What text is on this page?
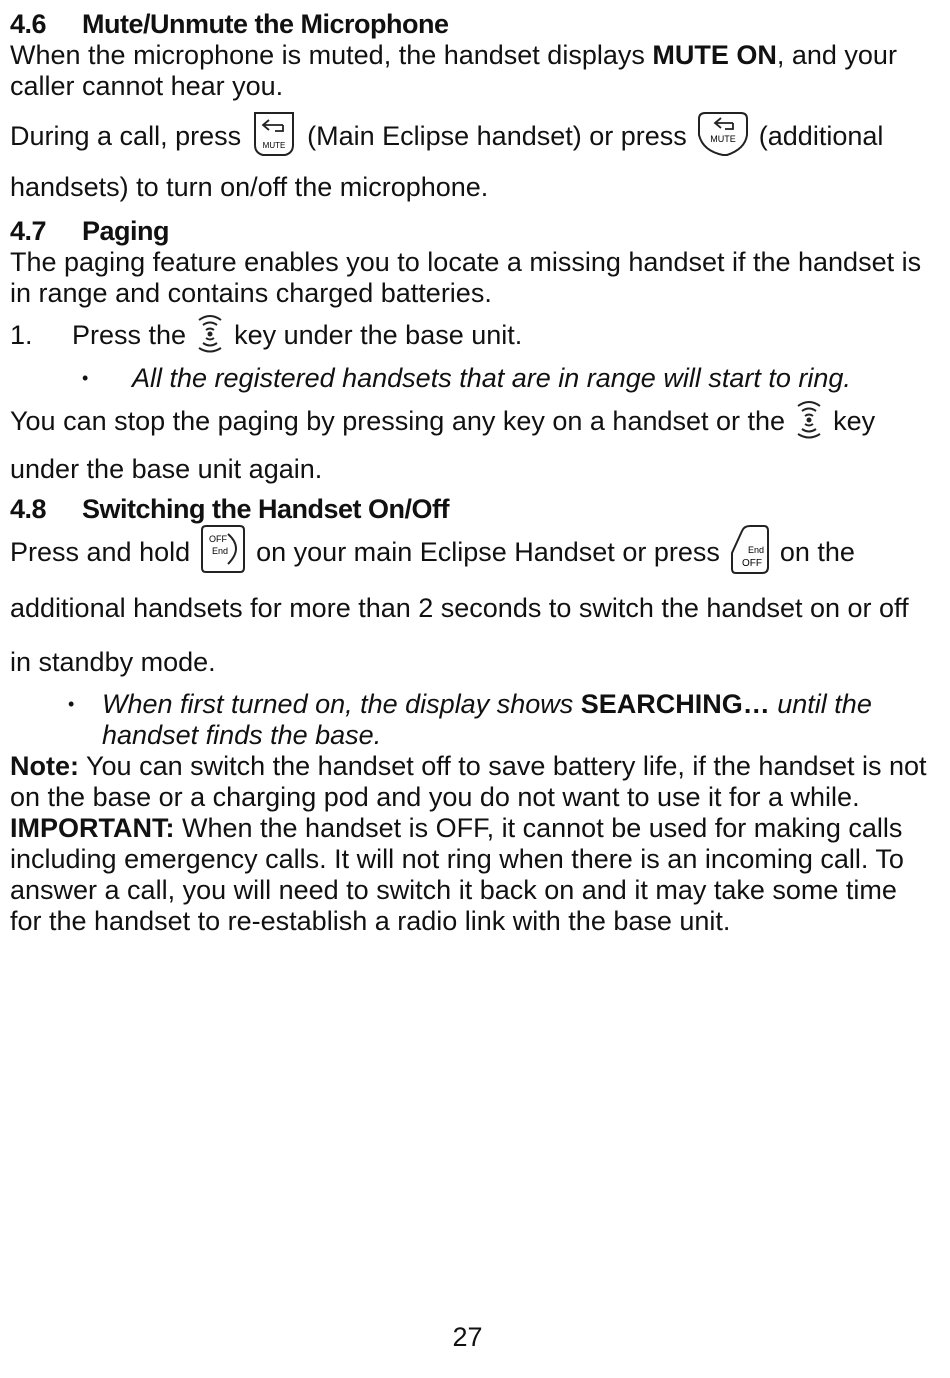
4.6 Mute/Unmute the Microphone

When the microphone is muted, the handset displays MUTE ON, and your caller cannot hear you.

During a call, press	MUTE (Main Eclipse handset) or press	MUTE (additional handsets) to turn on/off the microphone.

4.7 Paging

The paging feature enables you to locate a missing handset if the handset is in range and contains charged batteries.

1. Press the key under the base unit.

• All the registered handsets that are in range will start to ring.

You can stop the paging by pressing any key on a handset or the key under the base unit again.

4.8 Switching the Handset On/Off

Press and hold OFF
End on your main Eclipse Handset or press	End
OFF on the additional handsets for more than 2 seconds to switch the handset on or off in standby mode.

• When first turned on, the display shows SEARCHING… until the handset finds the base.

Note: You can switch the handset off to save battery life, if the handset is not on the base or a charging pod and you do not want to use it for a while.

IMPORTANT: When the handset is OFF, it cannot be used for making calls including emergency calls. It will not ring when there is an incoming call. To answer a call, you will need to switch it back on and it may take some time for the handset to re-establish a radio link with the base unit.

27
